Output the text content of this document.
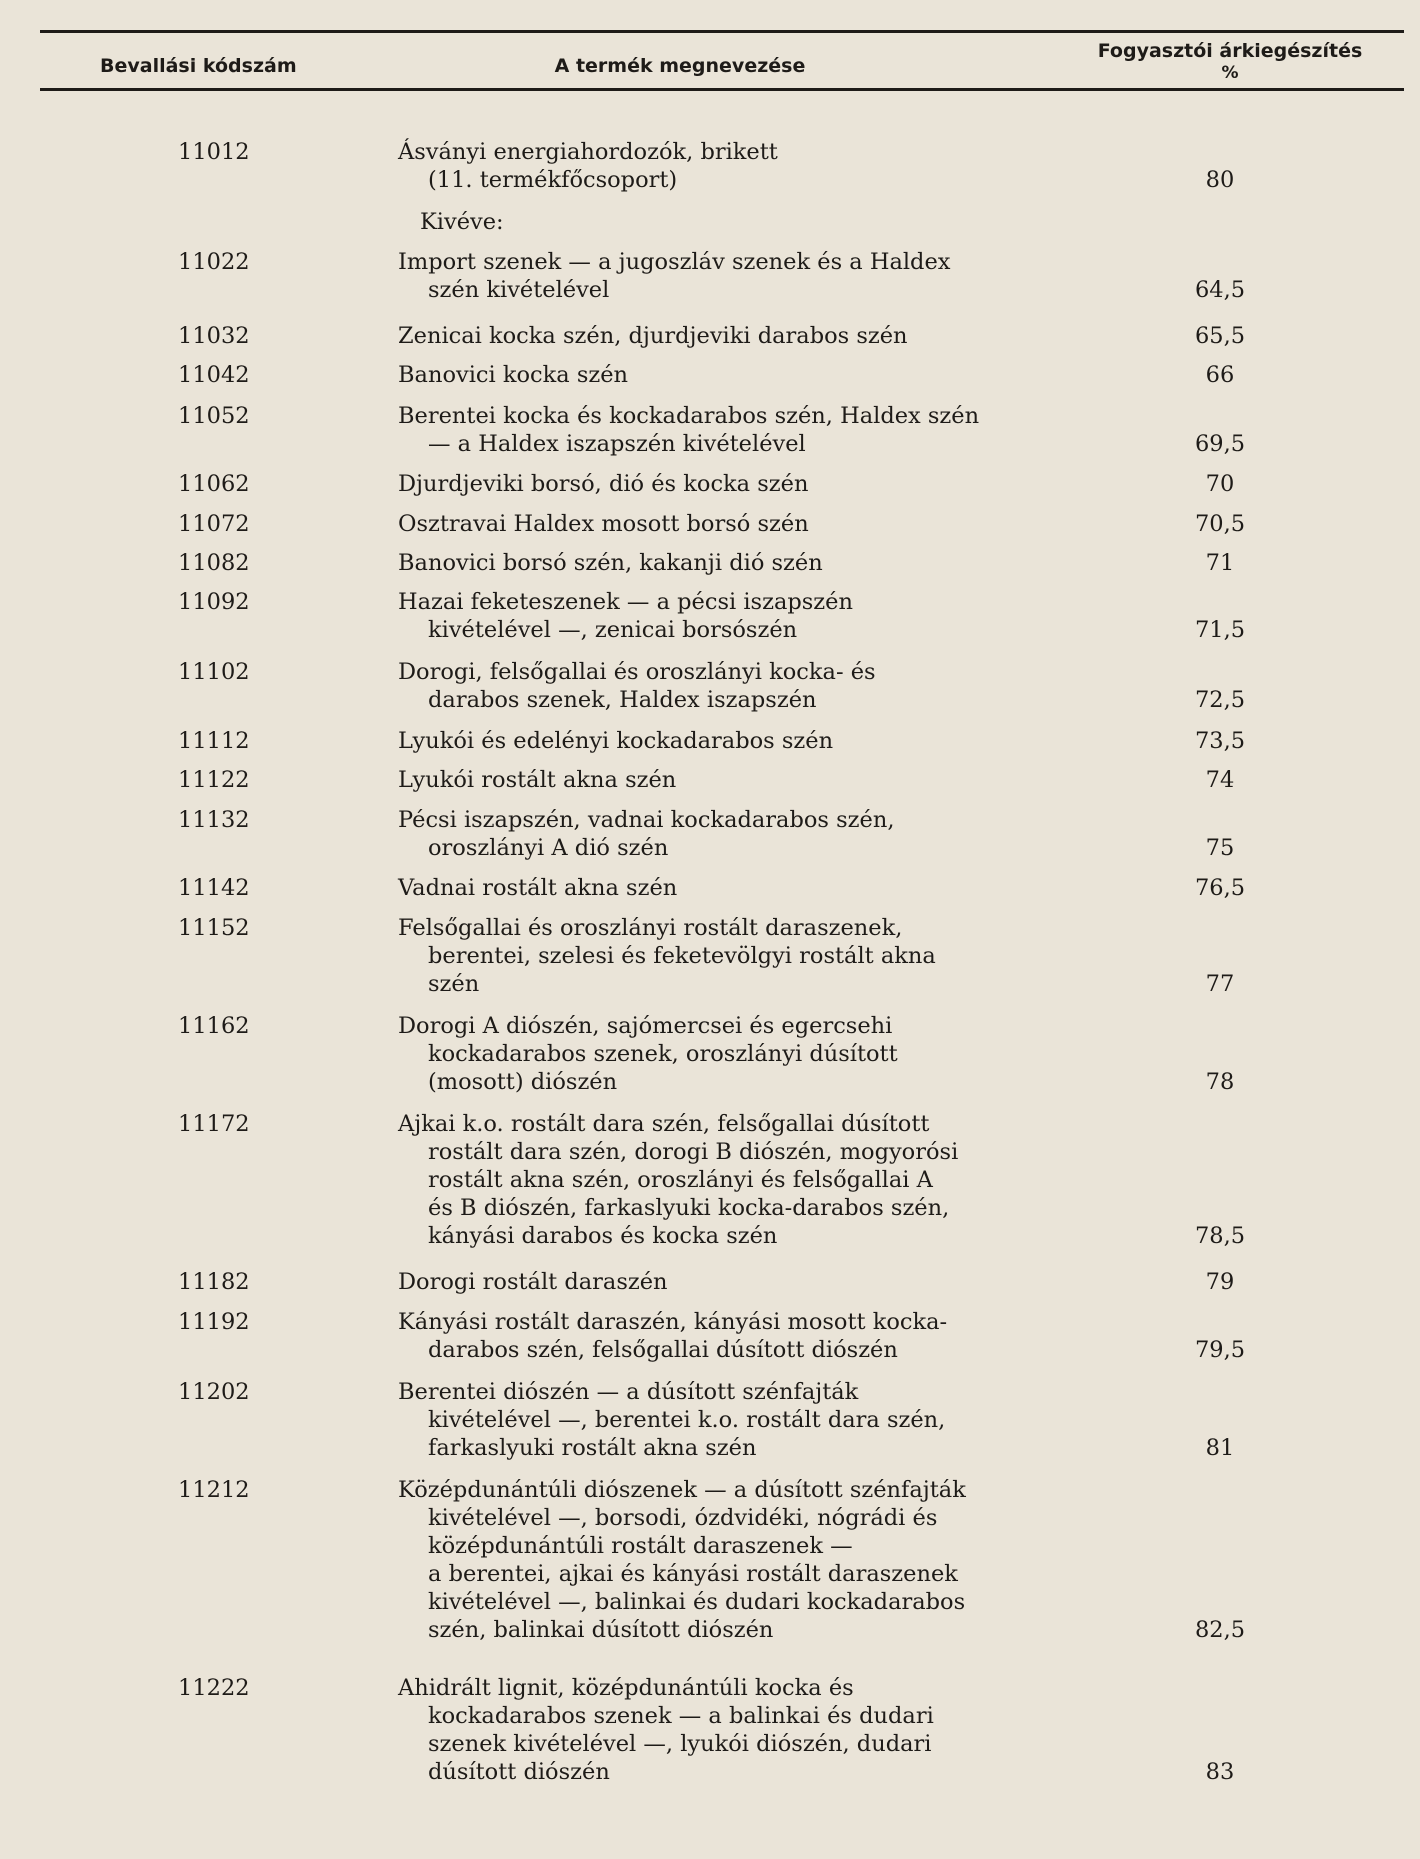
Bevallási kódszám	A termék megnevezése
Fogyasztói árkiegészítés
%
11012	Ásványi energiahordozók, brikett
(11. termékfőcsoport)	80
Kivéve:
11022	Import szenek — a jugoszláv szenek és a Haldex
szén kivételével	64,5
11032	Zenicai kocka szén, djurdjeviki darabos szén	65,5
11042	Banovici kocka szén	66
11052	Berentei kocka és kockadarabos szén, Haldex szén
— a Haldex iszapszén kivételével	69,5
11062	Djurdjeviki borsó, dió és kocka szén	70
11072	Osztravai Haldex mosott borsó szén	70,5
11082	Banovici borsó szén, kakanji dió szén	71
11092	Hazai feketeszenek — a pécsi iszapszén
kivételével —, zenicai borsószén	71,5
11102	Dorogi, felsőgallai és oroszlányi kocka- és
darabos szenek, Haldex iszapszén	72,5
11112	Lyukói és edelényi kockadarabos szén	73,5
11122	Lyukói rostált akna szén	74
11132	Pécsi iszapszén, vadnai kockadarabos szén,
oroszlányi A dió szén	75
11142	Vadnai rostált akna szén	76,5
11152	Felsőgallai és oroszlányi rostált daraszenek,
berentei, szelesi és feketevölgyi rostált akna
szén	77
11162	Dorogi A diószén, sajómercsei és egercsehi
kockadarabos szenek, oroszlányi dúsított
(mosott) diószén	78
11172	Ajkai k.o. rostált dara szén, felsőgallai dúsított
rostált dara szén, dorogi B diószén, mogyorósi
rostált akna szén, oroszlányi és felsőgallai A
és B diószén, farkaslyuki kocka-darabos szén,
kányási darabos és kocka szén	78,5
11182	Dorogi rostált daraszén	79
11192	Kányási rostált daraszén, kányási mosott kocka-
darabos szén, felsőgallai dúsított diószén	79,5
11202	Berentei diószén — a dúsított szénfajták
kivételével —, berentei k.o. rostált dara szén,
farkaslyuki rostált akna szén	81
11212	Középdunántúli diószenek — a dúsított szénfajták
kivételével —, borsodi, ózdvidéki, nógrádi és
középdunántúli rostált daraszenek —
a berentei, ajkai és kányási rostált daraszenek
kivételével —, balinkai és dudari kockadarabos
szén, balinkai dúsított diószén	82,5
11222	Ahidrált lignit, középdunántúli kocka és
kockadarabos szenek — a balinkai és dudari
szenek kivételével —, lyukói diószén, dudari
dúsított diószén	83
